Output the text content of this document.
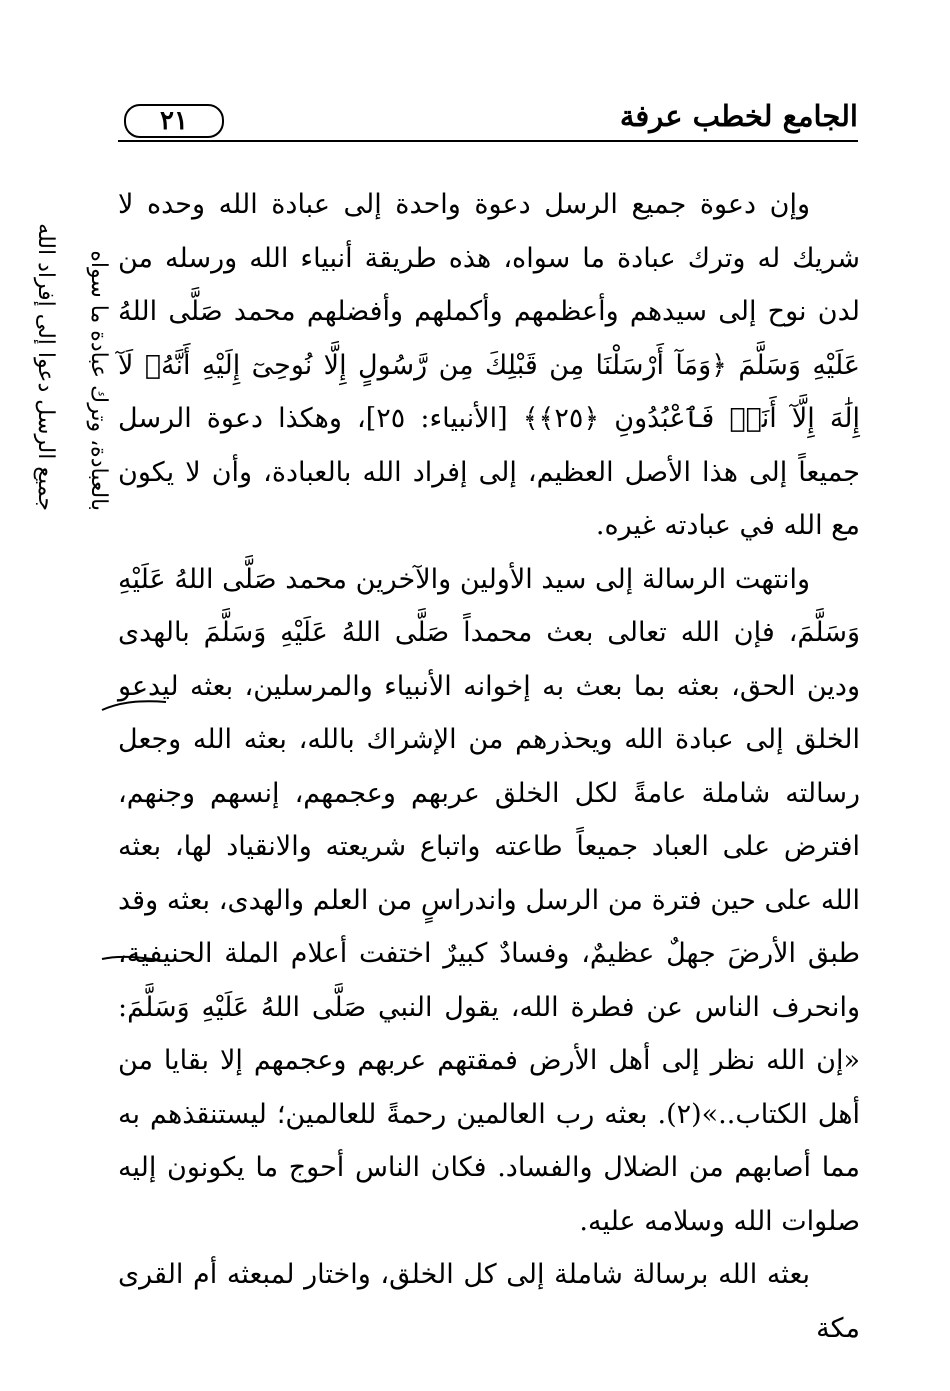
الجامع لخطب عرفة
٢١
جميع الرسل دعوا إلى إفراد الله بالعبادة، وترك عبادة ما سواه

وإن دعوة جميع الرسل دعوة واحدة إلى عبادة الله وحده لا شريك له وترك عبادة ما سواه، هذه طريقة أنبياء الله ورسله من لدن نوح إلى سيدهم وأعظمهم وأكملهم وأفضلهم محمد صَلَّى اللهُ عَلَيْهِ وَسَلَّمَ ﴿وَمَآ أَرْسَلْنَا مِن قَبْلِكَ مِن رَّسُولٍ إِلَّا نُوحِىٓ إِلَيْهِ أَنَّهُۥ لَآ إِلَٰهَ إِلَّآ أَنَا۠ فَٱعْبُدُونِ ﴿٢٥﴾﴾ [الأنبياء: ٢٥]، وهكذا دعوة الرسل جميعاً إلى هذا الأصل العظيم، إلى إفراد الله بالعبادة، وأن لا يكون مع الله في عبادته غيره.

وانتهت الرسالة إلى سيد الأولين والآخرين محمد صَلَّى اللهُ عَلَيْهِ وَسَلَّمَ، فإن الله تعالى بعث محمداً صَلَّى اللهُ عَلَيْهِ وَسَلَّمَ بالهدى ودين الحق، بعثه بما بعث به إخوانه الأنبياء والمرسلين، بعثه ليدعو الخلق إلى عبادة الله ويحذرهم من الإشراك بالله، بعثه الله وجعل رسالته شاملة عامةً لكل الخلق عربهم وعجمهم، إنسهم وجنهم، افترض على العباد جميعاً طاعته واتباع شريعته والانقياد لها، بعثه الله على حين فترة من الرسل واندراسٍ من العلم والهدى، بعثه وقد طبق الأرضَ جهلٌ عظيمٌ، وفسادٌ كبيرٌ اختفت أعلام الملة الحنيفية، وانحرف الناس عن فطرة الله، يقول النبي صَلَّى اللهُ عَلَيْهِ وَسَلَّمَ: «إن الله نظر إلى أهل الأرض فمقتهم عربهم وعجمهم إلا بقايا من أهل الكتاب..»(٢). بعثه رب العالمين رحمةً للعالمين؛ ليستنقذهم به مما أصابهم من الضلال والفساد. فكان الناس أحوج ما يكونون إليه صلوات الله وسلامه عليه.

بعثه الله برسالة شاملة إلى كل الخلق، واختار لمبعثه أم القرى مكة
